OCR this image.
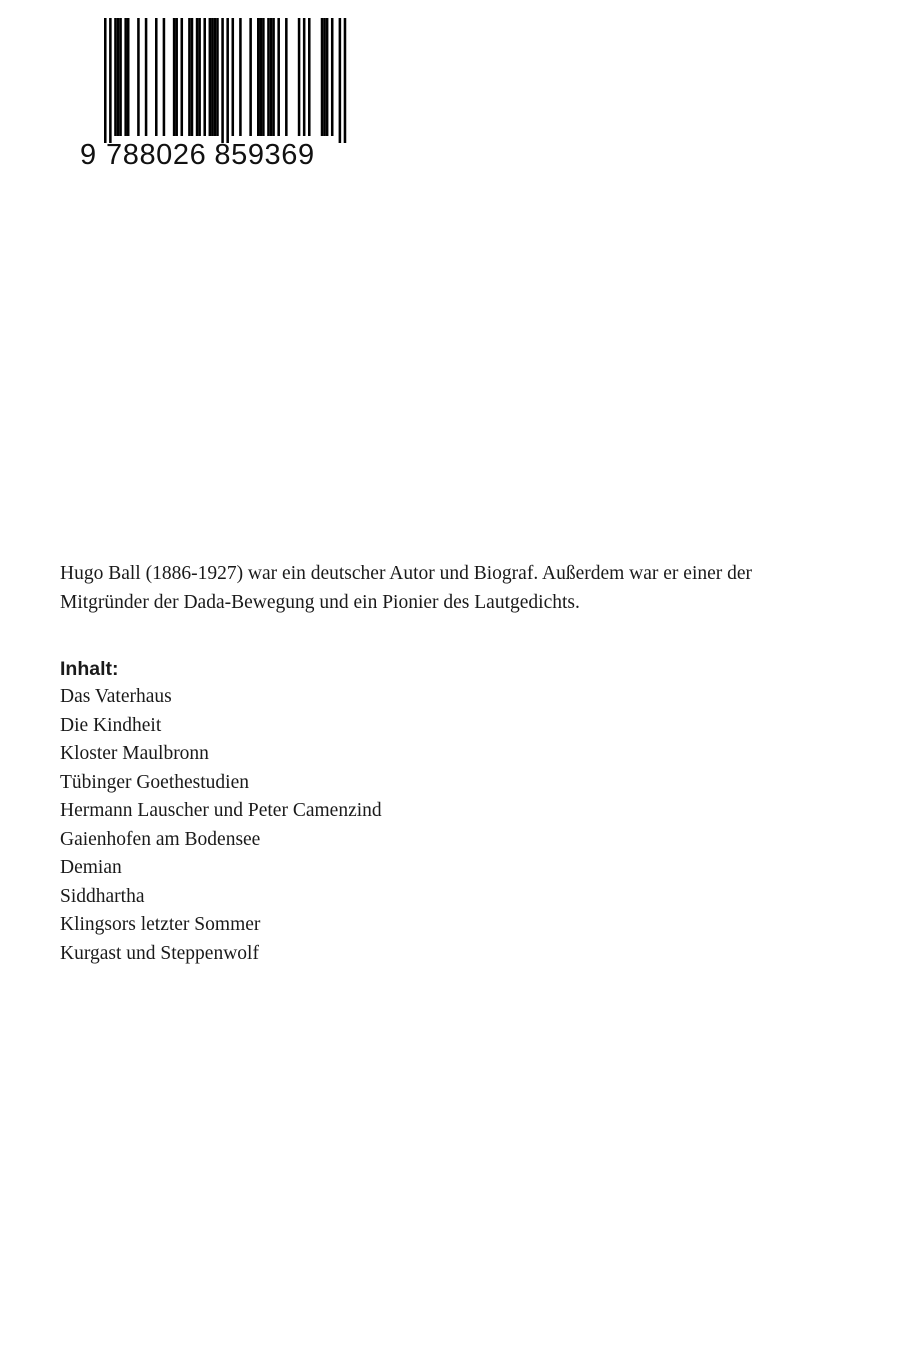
9 788026 859369

Hugo Ball (1886-1927) war ein deutscher Autor und Biograf. Außerdem war er einer der
Mitgründer der Dada-Bewegung und ein Pionier des Lautgedichts.

Inhalt:
Das Vaterhaus
Die Kindheit
Kloster Maulbronn
Tübinger Goethestudien
Hermann Lauscher und Peter Camenzind
Gaienhofen am Bodensee
Demian
Siddhartha
Klingsors letzter Sommer
Kurgast und Steppenwolf
